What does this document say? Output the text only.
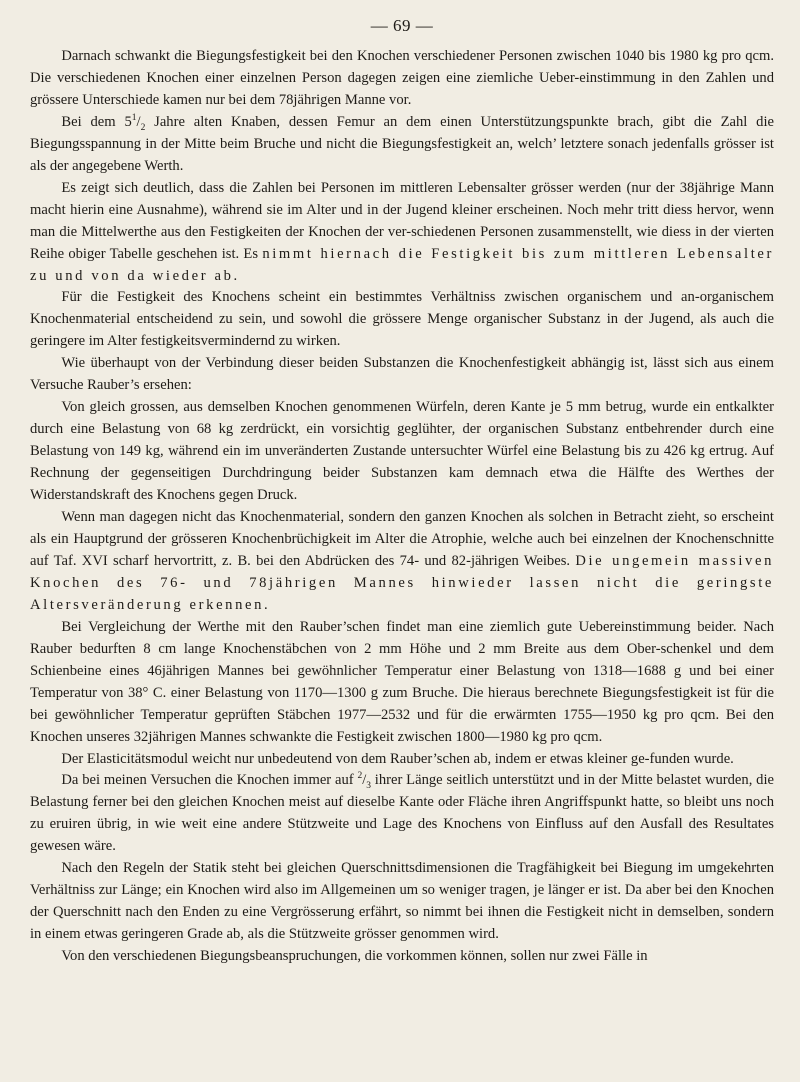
— 69 —

Darnach schwankt die Biegungsfestigkeit bei den Knochen verschiedener Personen zwischen 1040 bis 1980 kg pro qcm. Die verschiedenen Knochen einer einzelnen Person dagegen zeigen eine ziemliche Ueber-einstimmung in den Zahlen und grössere Unterschiede kamen nur bei dem 78jährigen Manne vor.

Bei dem $5^1/_2$ Jahre alten Knaben, dessen Femur an dem einen Unterstützungspunkte brach, gibt die Zahl die Biegungsspannung in der Mitte beim Bruche und nicht die Biegungsfestigkeit an, welch’ letztere sonach jedenfalls grösser ist als der angegebene Werth.

Es zeigt sich deutlich, dass die Zahlen bei Personen im mittleren Lebensalter grösser werden (nur der 38jährige Mann macht hierin eine Ausnahme), während sie im Alter und in der Jugend kleiner erscheinen. Noch mehr tritt diess hervor, wenn man die Mittelwerthe aus den Festigkeiten der Knochen der ver-schiedenen Personen zusammenstellt, wie diess in der vierten Reihe obiger Tabelle geschehen ist. Es nimmt hiernach die Festigkeit bis zum mittleren Lebensalter zu und von da wieder ab.

Für die Festigkeit des Knochens scheint ein bestimmtes Verhältniss zwischen organischem und an-organischem Knochenmaterial entscheidend zu sein, und sowohl die grössere Menge organischer Substanz in der Jugend, als auch die geringere im Alter festigkeitsvermindernd zu wirken.

Wie überhaupt von der Verbindung dieser beiden Substanzen die Knochenfestigkeit abhängig ist, lässt sich aus einem Versuche Rauber’s ersehen:

Von gleich grossen, aus demselben Knochen genommenen Würfeln, deren Kante je 5 mm betrug, wurde ein entkalkter durch eine Belastung von 68 kg zerdrückt, ein vorsichtig geglühter, der organischen Substanz entbehrender durch eine Belastung von 149 kg, während ein im unveränderten Zustande untersuchter Würfel eine Belastung bis zu 426 kg ertrug. Auf Rechnung der gegenseitigen Durchdringung beider Substanzen kam demnach etwa die Hälfte des Werthes der Widerstandskraft des Knochens gegen Druck.

Wenn man dagegen nicht das Knochenmaterial, sondern den ganzen Knochen als solchen in Betracht zieht, so erscheint als ein Hauptgrund der grösseren Knochenbrüchigkeit im Alter die Atrophie, welche auch bei einzelnen der Knochenschnitte auf Taf. XVI scharf hervortritt, z. B. bei den Abdrücken des 74- und 82-jährigen Weibes. Die ungemein massiven Knochen des 76- und 78jährigen Mannes hinwieder lassen nicht die geringste Altersveränderung erkennen.

Bei Vergleichung der Werthe mit den Rauber’schen findet man eine ziemlich gute Uebereinstimmung beider. Nach Rauber bedurften 8 cm lange Knochenstäbchen von 2 mm Höhe und 2 mm Breite aus dem Ober-schenkel und dem Schienbeine eines 46jährigen Mannes bei gewöhnlicher Temperatur einer Belastung von 1318—1688 g und bei einer Temperatur von 38° C. einer Belastung von 1170—1300 g zum Bruche. Die hieraus berechnete Biegungsfestigkeit ist für die bei gewöhnlicher Temperatur geprüften Stäbchen 1977—2532 und für die erwärmten 1755—1950 kg pro qcm. Bei den Knochen unseres 32jährigen Mannes schwankte die Festigkeit zwischen 1800—1980 kg pro qcm.

Der Elasticitätsmodul weicht nur unbedeutend von dem Rauber’schen ab, indem er etwas kleiner ge-funden wurde.

Da bei meinen Versuchen die Knochen immer auf $^2/_3$ ihrer Länge seitlich unterstützt und in der Mitte belastet wurden, die Belastung ferner bei den gleichen Knochen meist auf dieselbe Kante oder Fläche ihren Angriffspunkt hatte, so bleibt uns noch zu eruiren übrig, in wie weit eine andere Stützweite und Lage des Knochens von Einfluss auf den Ausfall des Resultates gewesen wäre.

Nach den Regeln der Statik steht bei gleichen Querschnittsdimensionen die Tragfähigkeit bei Biegung im umgekehrten Verhältniss zur Länge; ein Knochen wird also im Allgemeinen um so weniger tragen, je länger er ist. Da aber bei den Knochen der Querschnitt nach den Enden zu eine Vergrösserung erfährt, so nimmt bei ihnen die Festigkeit nicht in demselben, sondern in einem etwas geringeren Grade ab, als die Stützweite grösser genommen wird.

Von den verschiedenen Biegungsbeanspruchungen, die vorkommen können, sollen nur zwei Fälle in
